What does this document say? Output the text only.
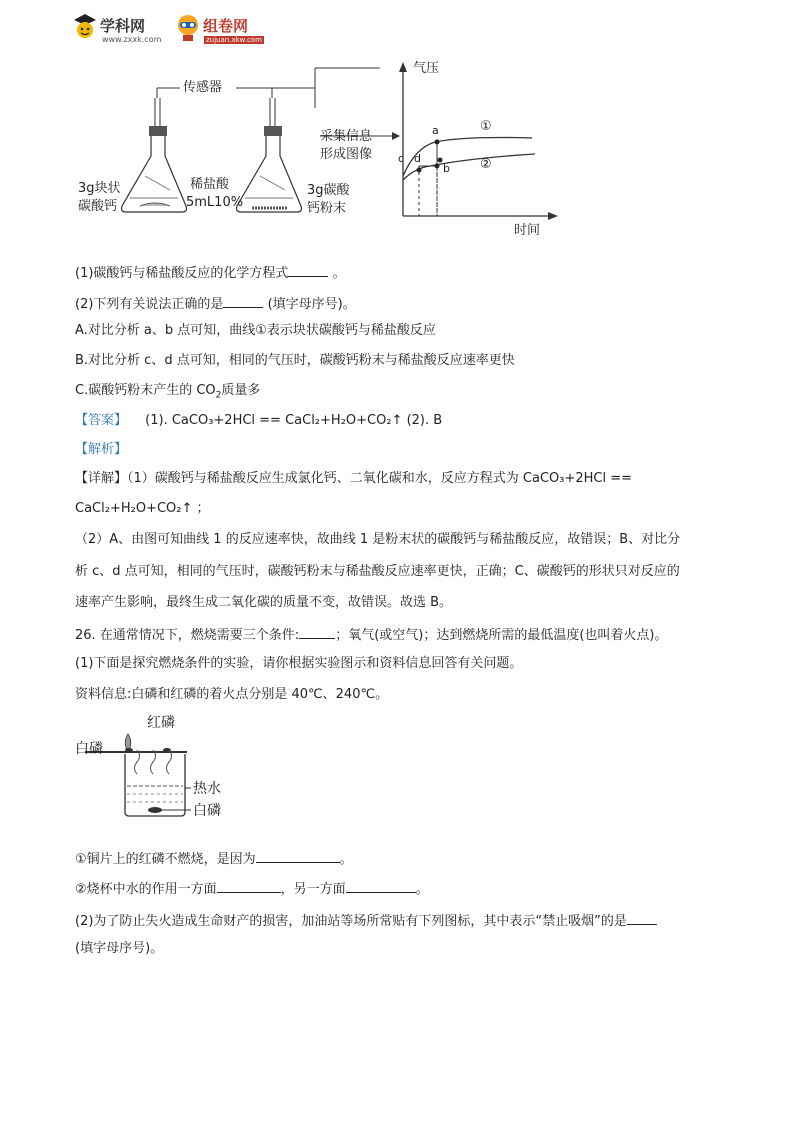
学科网
www.zxxk.com
组卷网
zujuan.xkw.com
传感器
采集信息
形成图像
3g块状
碳酸钙
稀盐酸
5mL10%
3g碳酸
钙粉末
气压
时间
①
②
a
b
c d
(1)碳酸钙与稀盐酸反应的化学方程式	。
(2)下列有关说法正确的是	(填字母序号)。
A.对比分析 a、b 点可知，曲线①表示块状碳酸钙与稀盐酸反应
B.对比分析 c、d 点可知，相同的气压时，碳酸钙粉末与稀盐酸反应速率更快
C.碳酸钙粉末产生的 $CO_2$质量多
【答案】 (1). CaCO₃+2HCl == CaCl₂+H₂O+CO₂↑ (2). B
【解析】
【详解】（1）碳酸钙与稀盐酸反应生成氯化钙、二氧化碳和水，反应方程式为 CaCO₃+2HCl ==
CaCl₂+H₂O+CO₂↑ ；
（2）A、由图可知曲线 1 的反应速率快，故曲线 1 是粉末状的碳酸钙与稀盐酸反应，故错误；B、对比分
析 c、d 点可知，相同的气压时，碳酸钙粉末与稀盐酸反应速率更快，正确；C、碳酸钙的形状只对反应的
速率产生影响，最终生成二氧化碳的质量不变，故错误。故选 B。
26. 在通常情况下，燃烧需要三个条件:	；氧气(或空气)；达到燃烧所需的最低温度(也叫着火点)。
(1)下面是探究燃烧条件的实验，请你根据实验图示和资料信息回答有关问题。
资料信息:白磷和红磷的着火点分别是 40℃、240℃。
红磷
白磷
热水
白磷
①铜片上的红磷不燃烧，是因为	。
②烧杯中水的作用一方面	，另一方面	。
(2)为了防止失火造成生命财产的损害，加油站等场所常贴有下列图标，其中表示“禁止吸烟”的是
(填字母序号)。
